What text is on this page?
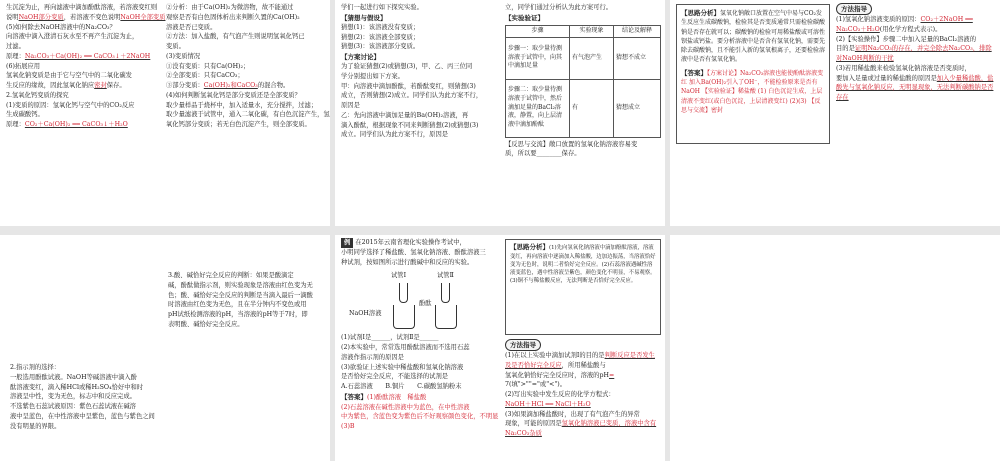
生沉淀为止，再向滤液中滴加酚酞溶液，若溶液变红则
说明NaOH部分变质，若溶液不变色说明NaOH全部变质
(5)如何除去NaOH溶液中的Na₂CO₃？
向溶液中滴入澄清石灰水至不再产生沉淀为止，
过滤。
原理：Na₂CO₃＋Ca(OH)₂ ══ CaCO₃↓＋2NaOH
(6)拓展应用
氢氧化钠变质是由于它与空气中的二氧化碳发
生反应的缘故，因此氢氧化钠应密封保存。
2.氢氧化钙变质的探究
(1)变质的原因：氢氧化钙与空气中的CO₂反应
生成碳酸钙。
原理：CO₂＋Ca(OH)₂ ══ CaCO₃↓＋H₂O
②分析：由于Ca(OH)₂为微溶物，故不能通过
观察是否有白色固体析出来判断久置的Ca(OH)₂
溶液是否已变质。
②方法：加入盐酸，有气泡产生则说明氢氧化钙已
变质。
(3)变质情况
①没有变质：只有Ca(OH)₂；
②全部变质：只有CaCO₃；
③部分变质：Ca(OH)₂和CaCO₃的混合物。
(4)如何判断氢氧化钙是部分变质还是全部变质？
取少量样品于烧杯中，加入适量水，充分搅拌，过滤；
取少量滤液于试管中，通入二氧化碳，有白色沉淀产生，氢
氧化钙部分变质；若无白色沉淀产生，则全部变质。
学们一起进行如下探究实验。
【猜想与假设】
猜想(1)：该溶液没有变质；
猜想(2)：该溶液全部变质；
猜想(3)：该溶液部分变质。
【方案讨论】
为了验证猜想(2)或猜想(3)，甲、乙、丙三位同
学分别提出如下方案。
甲：向溶液中滴加酚酞，若酚酞变红，则猜想(3)
成立，否则猜想(2)成立。同学们认为此方案不行，
原因是
乙：先向溶液中滴加足量的Ba(OH)₂溶液，再
滴入酚酞，根据现象不同来判断猜想(2)或猜想(3)
成立。同学们认为此方案不行，原因是
立，同学们通过分析认为此方案可行。
【实验验证】
步骤	实验现象	结论及解释
步骤一：取少量待测溶液于试管中，向其中滴加足量	有气泡产生	猜想不成立
步骤二：取少量待测溶液于试管中，然后滴加足量的BaCl₂溶液，静置，向上层清液中滴加酚酞	有	猜想成立
【反思与交流】敞口放置的氢氧化钠溶液容易变
质，所以要________保存。
【思路分析】氢氧化钠敞口放置在空气中易与CO₂发生反应生成碳酸钠，检验其是否变质通常只需检验碳酸钠是否存在就可以；碳酸钠的检验可用稀盐酸或可溶性钡盐或钙盐。要分析溶液中是否含有氢氧化钠，需要先除去碳酸钠，且不能引入新的氢氧根离子，还要检验溶液中是否有氢氧化钠。
【答案】【方案讨论】Na₂CO₃溶液也能使酚酞溶液变红 加入Ba(OH)₂引入了OH⁻，不能检验原来是否有NaOH 【实验验证】稀盐酸 (1) 白色沉淀生成，上层清液不变红(或白色沉淀，上层清液变红) (2)(3) 【反思与交流】密封
方法指导
(1)氢氧化钠溶液变质的原因：CO₂＋2NaOH ══
Na₂CO₃＋H₂O(用化学方程式表示)。
(2)【实验操作】步骤二中加入足量的BaCl₂溶液的
目的是证明Na₂CO₃的存在，并完全除去Na₂CO₃，排除对NaOH判断的干扰
(3)若用稀盐酸来检验氢氧化钠溶液是否变质时，
要加入足量或过量的稀盐酸的原因是加入少量稀盐酸，盐酸先与氢氧化钠反应，无明显现象，无法判断碳酸钠是否存在
2.指示剂的选择：
一般选用酚酞试液。NaOH等碱溶液中滴入酚
酞溶液变红，滴入稀HCl或稀H₂SO₄恰好中和时
溶液呈中性，变为无色，标志中和反应完成。
不选紫色石蕊试液原因：紫色石蕊试液在碱溶
液中呈蓝色，在中性溶液中呈紫色，蓝色与紫色之间
没有明显的界限。
3.酸、碱恰好完全反应的判断：如果是酸滴定
碱，酚酞做指示剂，则实验现象是溶液由红色变为无
色；酸、碱恰好完全反应的判断是当滴入最后一滴酸
时溶液由红色变为无色，且在半分钟内不变色或用
pH试纸检测溶液的pH，当溶液的pH等于7时，即
表明酸、碱恰好完全反应。
例 在2015年云南省理化实验操作考试中，
小明同学选择了稀盐酸、氢氧化钠溶液、酚酞溶液三
种试剂，按如图所示进行酸碱中和反应的实验。
试管Ⅰ	试管Ⅱ
NaOH溶液
酚酞
(1)试剂Ⅰ是______，试剂Ⅱ是______
(2)本实验中，常常选用酚酞溶液而不选用石蕊
溶液作指示剂的原因是
(3)欲验证上述实验中稀盐酸和氢氧化钠溶液
是否恰好完全反应，不能选择的试剂是
A.石蕊溶液　　B.铜片　　C.碳酸氢钠粉末
【答案】(1)酚酞溶液　稀盐酸
(2)石蕊溶液在碱性溶液中为蓝色，在中性溶液
中为紫色，含蓝色变为紫色后不好观察颜色变化，不明显
(3)B
【思路分析】(1)先向氢氧化钠溶液中滴加酚酞溶液，溶液变红，再向溶液中逐滴加入稀盐酸，边加边振荡，当溶液恰好变为无色时，说明二者恰好完全反应。(2)石蕊溶液遇碱性溶液变蓝色，遇中性溶液呈紫色，颜色变化不明显，不易观察。(3)铜不与稀盐酸反应，无法判断是否恰好完全反应。
方法指导
(1)在以上实验中滴加试剂Ⅰ的目的是判断反应是否发生及是否恰好完全反应，所用稀盐酸与
氢氧化钠恰好完全反应时，溶液的pH=
7(填">""="或"<")。
(2)写出实验中发生反应的化学方程式：
NaOH＋HCl ══ NaCl＋H₂O
(3)如果滴加稀盐酸时，出现了有气泡产生的异常
现象，可能的原因是氢氧化钠溶液已变质，溶液中含有Na₂CO₃杂质
